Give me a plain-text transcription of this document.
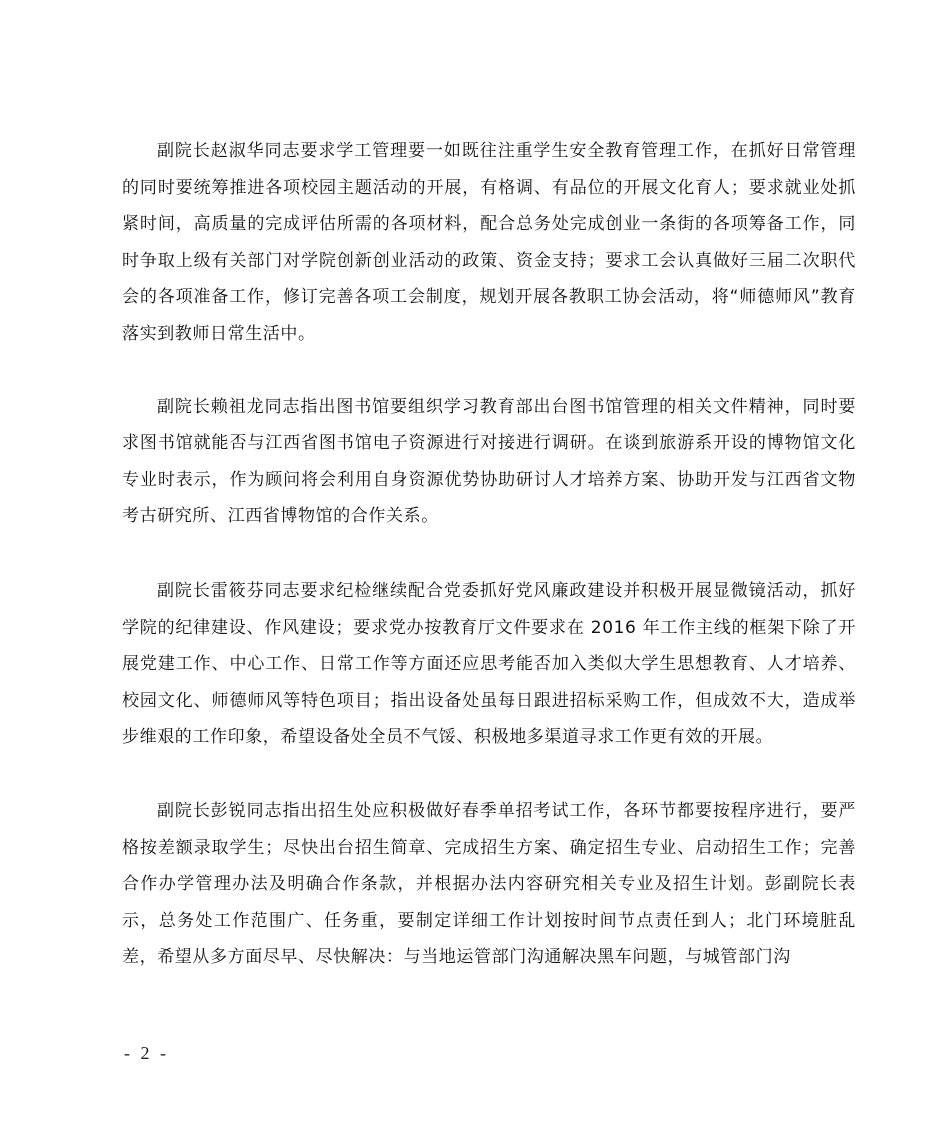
副院长赵淑华同志要求学工管理要一如既往注重学生安全教育管理工作，在抓好日常管理的同时要统筹推进各项校园主题活动的开展，有格调、有品位的开展文化育人；要求就业处抓紧时间，高质量的完成评估所需的各项材料，配合总务处完成创业一条街的各项筹备工作，同时争取上级有关部门对学院创新创业活动的政策、资金支持；要求工会认真做好三届二次职代会的各项准备工作，修订完善各项工会制度，规划开展各教职工协会活动，将“师德师风”教育落实到教师日常生活中。

副院长赖祖龙同志指出图书馆要组织学习教育部出台图书馆管理的相关文件精神，同时要求图书馆就能否与江西省图书馆电子资源进行对接进行调研。在谈到旅游系开设的博物馆文化专业时表示，作为顾问将会利用自身资源优势协助研讨人才培养方案、协助开发与江西省文物考古研究所、江西省博物馆的合作关系。

副院长雷筱芬同志要求纪检继续配合党委抓好党风廉政建设并积极开展显微镜活动，抓好学院的纪律建设、作风建设；要求党办按教育厅文件要求在 2016 年工作主线的框架下除了开展党建工作、中心工作、日常工作等方面还应思考能否加入类似大学生思想教育、人才培养、校园文化、师德师风等特色项目；指出设备处虽每日跟进招标采购工作，但成效不大，造成举步维艰的工作印象，希望设备处全员不气馁、积极地多渠道寻求工作更有效的开展。

副院长彭锐同志指出招生处应积极做好春季单招考试工作，各环节都要按程序进行，要严格按差额录取学生；尽快出台招生简章、完成招生方案、确定招生专业、启动招生工作；完善合作办学管理办法及明确合作条款，并根据办法内容研究相关专业及招生计划。彭副院长表示，总务处工作范围广、任务重，要制定详细工作计划按时间节点责任到人；北门环境脏乱差，希望从多方面尽早、尽快解决：与当地运管部门沟通解决黑车问题，与城管部门沟

- 2 -
